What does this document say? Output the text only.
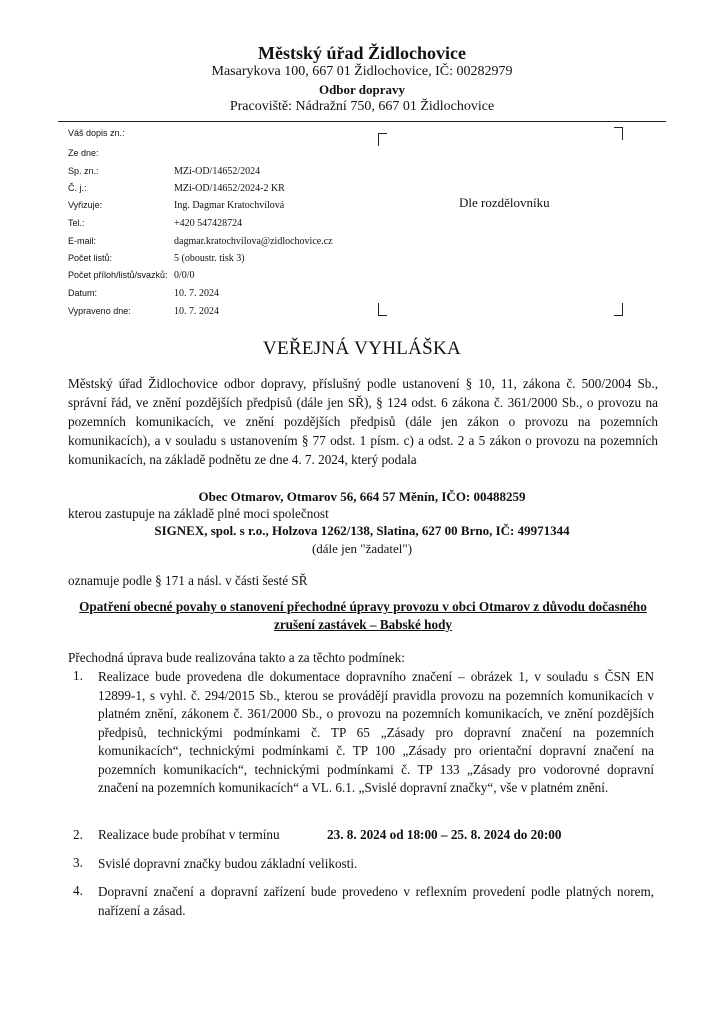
Městský úřad Židlochovice
Masarykova 100, 667 01 Židlochovice, IČ: 00282979
Odbor dopravy
Pracoviště: Nádražní 750, 667 01 Židlochovice
Váš dopis zn.:
Ze dne:
Sp. zn.:	MZi-OD/14652/2024
Č. j.:	MZi-OD/14652/2024-2 KR
Vyřizuje:	Ing. Dagmar Kratochvílová
Tel.:	+420 547428724
E-mail:	dagmar.kratochvilova@zidlochovice.cz
Počet listů:	5 (oboustr. tisk 3)
Počet příloh/listů/svazků: 0/0/0
Datum:	10. 7. 2024
Vypraveno dne:	10. 7. 2024
Dle rozdělovníku
VEŘEJNÁ VYHLÁŠKA
Městský úřad Židlochovice odbor dopravy, příslušný podle ustanovení § 10, 11, zákona č. 500/2004 Sb., správní řád, ve znění pozdějších předpisů (dále jen SŘ), § 124 odst. 6 zákona č. 361/2000 Sb., o provozu na pozemních komunikacích, ve znění pozdějších předpisů (dále jen zákon o provozu na pozemních komunikacích), a v souladu s ustanovením § 77 odst. 1 písm. c) a odst. 2 a 5 zákon o provozu na pozemních komunikacích, na základě podnětu ze dne 4. 7. 2024, který podala
Obec Otmarov, Otmarov 56, 664 57 Měnín, IČO: 00488259
kterou zastupuje na základě plné moci společnost
SIGNEX, spol. s r.o., Holzova 1262/138, Slatina, 627 00 Brno, IČ: 49971344
(dále jen "žadatel")
oznamuje podle § 171 a násl. v části šesté SŘ
Opatření obecné povahy o stanovení přechodné úpravy provozu v obci Otmarov z důvodu dočasného zrušení zastávek – Babské hody
Přechodná úprava bude realizována takto a za těchto podmínek:
1. Realizace bude provedena dle dokumentace dopravního značení – obrázek 1, v souladu s ČSN EN 12899-1, s vyhl. č. 294/2015 Sb., kterou se provádějí pravidla provozu na pozemních komunikacích v platném znění, zákonem č. 361/2000 Sb., o provozu na pozemních komunikacích, ve znění pozdějších předpisů, technickými podmínkami č. TP 65 „Zásady pro dopravní značení na pozemních komunikacích“, technickými podmínkami č. TP 100 „Zásady pro orientační dopravní značení na pozemních komunikacích“, technickými podmínkami č. TP 133 „Zásady pro vodorovné dopravní značení na pozemních komunikacích“ a VL. 6.1. „Svislé dopravní značky“, vše v platném znění.
2. Realizace bude probíhat v termínu	23. 8. 2024 od 18:00 – 25. 8. 2024 do 20:00
3. Svislé dopravní značky budou základní velikosti.
4. Dopravní značení a dopravní zařízení bude provedeno v reflexním provedení podle platných norem, nařízení a zásad.
